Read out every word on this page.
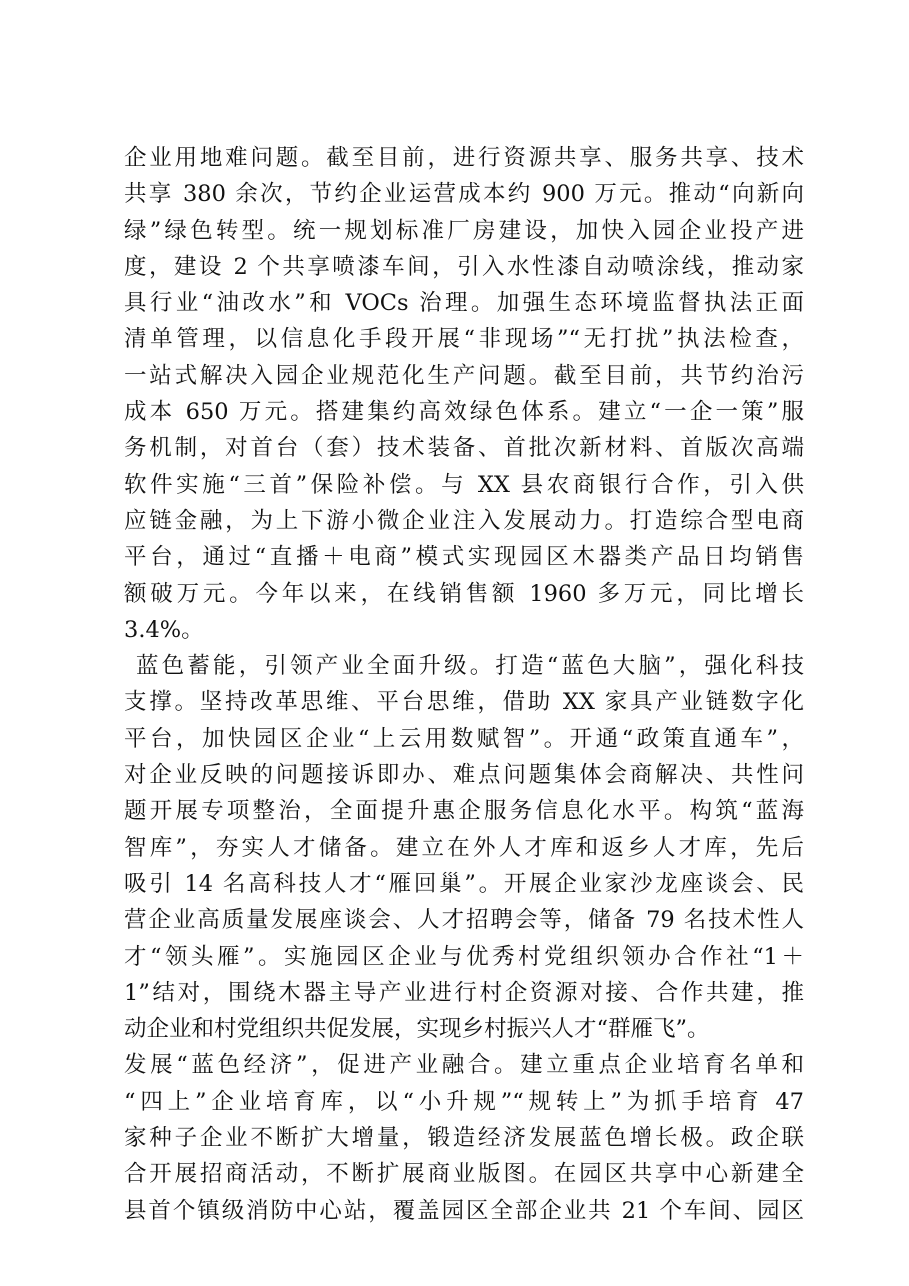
企业用地难问题。截至目前，进行资源共享、服务共享、技术
共享 380 余次，节约企业运营成本约 900 万元。推动“向新向
绿”绿色转型。统一规划标准厂房建设，加快入园企业投产进
度，建设 2 个共享喷漆车间，引入水性漆自动喷涂线，推动家
具行业“油改水”和 VOCs 治理。加强生态环境监督执法正面
清单管理，以信息化手段开展“非现场”“无打扰”执法检查，
一站式解决入园企业规范化生产问题。截至目前，共节约治污
成本 650 万元。搭建集约高效绿色体系。建立“一企一策”服
务机制，对首台（套）技术装备、首批次新材料、首版次高端
软件实施“三首”保险补偿。与 XX 县农商银行合作，引入供
应链金融，为上下游小微企业注入发展动力。打造综合型电商
平台，通过“直播＋电商”模式实现园区木器类产品日均销售
额破万元。今年以来，在线销售额 1960 多万元，同比增长
3.4%。
蓝色蓄能，引领产业全面升级。打造“蓝色大脑”，强化科技
支撑。坚持改革思维、平台思维，借助 XX 家具产业链数字化
平台，加快园区企业“上云用数赋智”。开通“政策直通车”，
对企业反映的问题接诉即办、难点问题集体会商解决、共性问
题开展专项整治，全面提升惠企服务信息化水平。构筑“蓝海
智库”，夯实人才储备。建立在外人才库和返乡人才库，先后
吸引 14 名高科技人才“雁回巢”。开展企业家沙龙座谈会、民
营企业高质量发展座谈会、人才招聘会等，储备 79 名技术性人
才“领头雁”。实施园区企业与优秀村党组织领办合作社“1＋
1”结对，围绕木器主导产业进行村企资源对接、合作共建，推
动企业和村党组织共促发展，实现乡村振兴人才“群雁飞”。
发展“蓝色经济”，促进产业融合。建立重点企业培育名单和
“四上”企业培育库，以“小升规”“规转上”为抓手培育 47
家种子企业不断扩大增量，锻造经济发展蓝色增长极。政企联
合开展招商活动，不断扩展商业版图。在园区共享中心新建全
县首个镇级消防中心站，覆盖园区全部企业共 21 个车间、园区
